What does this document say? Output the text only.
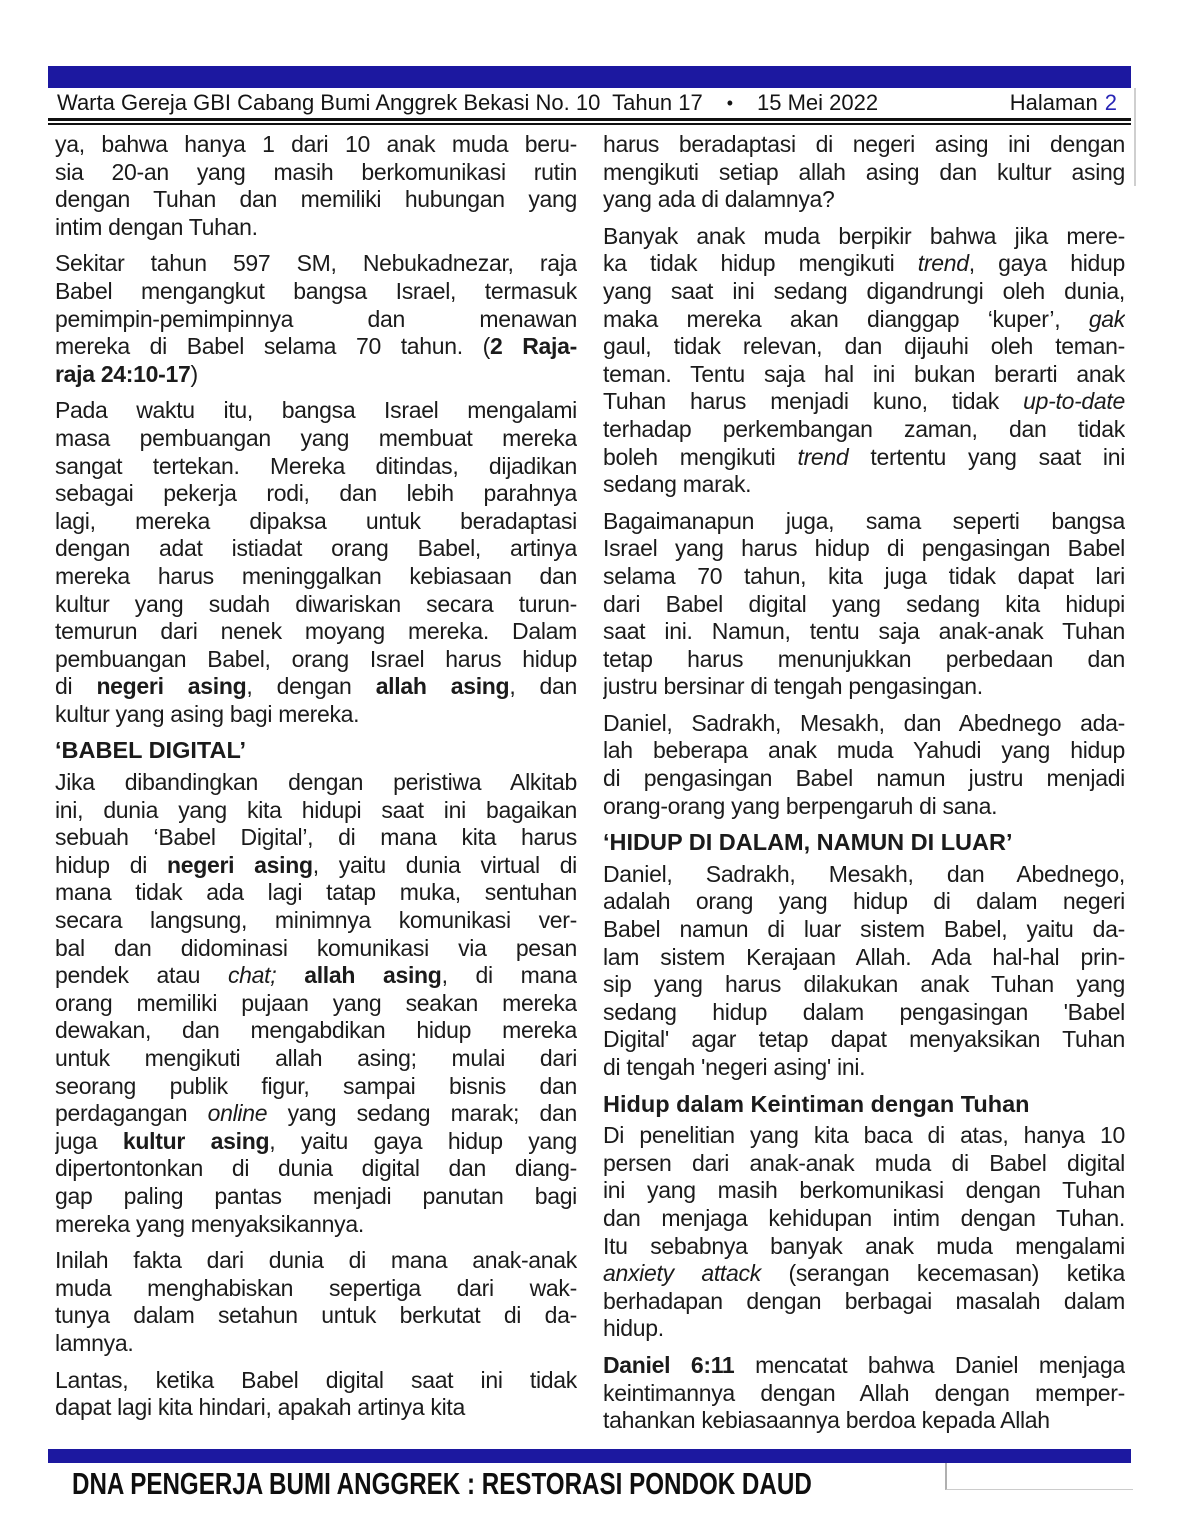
Warta Gereja GBI Cabang Bumi Anggrek Bekasi No. 10  Tahun 17 • 15 Mei 2022	Halaman 2
ya, bahwa hanya 1 dari 10 anak muda beru-
sia 20-an yang masih berkomunikasi rutin
dengan Tuhan dan memiliki hubungan yang
intim dengan Tuhan.
Sekitar tahun 597 SM, Nebukadnezar, raja
Babel mengangkut bangsa Israel, termasuk
pemimpin-pemimpinnya dan menawan
mereka di Babel selama 70 tahun. (2 Raja-
raja 24:10-17)
Pada waktu itu, bangsa Israel mengalami
masa pembuangan yang membuat mereka
sangat tertekan. Mereka ditindas, dijadikan
sebagai pekerja rodi, dan lebih parahnya
lagi, mereka dipaksa untuk beradaptasi
dengan adat istiadat orang Babel, artinya
mereka harus meninggalkan kebiasaan dan
kultur yang sudah diwariskan secara turun-
temurun dari nenek moyang mereka. Dalam
pembuangan Babel, orang Israel harus hidup
di negeri asing, dengan allah asing, dan
kultur yang asing bagi mereka.
‘BABEL DIGITAL’
Jika dibandingkan dengan peristiwa Alkitab
ini, dunia yang kita hidupi saat ini bagaikan
sebuah ‘Babel Digital’, di mana kita harus
hidup di negeri asing, yaitu dunia virtual di
mana tidak ada lagi tatap muka, sentuhan
secara langsung, minimnya komunikasi ver-
bal dan didominasi komunikasi via pesan
pendek atau chat; allah asing, di mana
orang memiliki pujaan yang seakan mereka
dewakan, dan mengabdikan hidup mereka
untuk mengikuti allah asing; mulai dari
seorang publik figur, sampai bisnis dan
perdagangan online yang sedang marak; dan
juga kultur asing, yaitu gaya hidup yang
dipertontonkan di dunia digital dan diang-
gap paling pantas menjadi panutan bagi
mereka yang menyaksikannya.
Inilah fakta dari dunia di mana anak-anak
muda menghabiskan sepertiga dari wak-
tunya dalam setahun untuk berkutat di da-
lamnya.
Lantas, ketika Babel digital saat ini tidak
dapat lagi kita hindari, apakah artinya kita
harus beradaptasi di negeri asing ini dengan
mengikuti setiap allah asing dan kultur asing
yang ada di dalamnya?
Banyak anak muda berpikir bahwa jika mere-
ka tidak hidup mengikuti trend, gaya hidup
yang saat ini sedang digandrungi oleh dunia,
maka mereka akan dianggap ‘kuper’, gak
gaul, tidak relevan, dan dijauhi oleh teman-
teman. Tentu saja hal ini bukan berarti anak
Tuhan harus menjadi kuno, tidak up-to-date
terhadap perkembangan zaman, dan tidak
boleh mengikuti trend tertentu yang saat ini
sedang marak.
Bagaimanapun juga, sama seperti bangsa
Israel yang harus hidup di pengasingan Babel
selama 70 tahun, kita juga tidak dapat lari
dari Babel digital yang sedang kita hidupi
saat ini. Namun, tentu saja anak-anak Tuhan
tetap harus menunjukkan perbedaan dan
justru bersinar di tengah pengasingan.
Daniel, Sadrakh, Mesakh, dan Abednego ada-
lah beberapa anak muda Yahudi yang hidup
di pengasingan Babel namun justru menjadi
orang-orang yang berpengaruh di sana.
‘HIDUP DI DALAM, NAMUN DI LUAR’
Daniel, Sadrakh, Mesakh, dan Abednego,
adalah orang yang hidup di dalam negeri
Babel namun di luar sistem Babel, yaitu da-
lam sistem Kerajaan Allah. Ada hal-hal prin-
sip yang harus dilakukan anak Tuhan yang
sedang hidup dalam pengasingan 'Babel
Digital' agar tetap dapat menyaksikan Tuhan
di tengah 'negeri asing' ini.
Hidup dalam Keintiman dengan Tuhan
Di penelitian yang kita baca di atas, hanya 10
persen dari anak-anak muda di Babel digital
ini yang masih berkomunikasi dengan Tuhan
dan menjaga kehidupan intim dengan Tuhan.
Itu sebabnya banyak anak muda mengalami
anxiety attack (serangan kecemasan) ketika
berhadapan dengan berbagai masalah dalam
hidup.
Daniel 6:11 mencatat bahwa Daniel menjaga
keintimannya dengan Allah dengan memper-
tahankan kebiasaannya berdoa kepada Allah
DNA PENGERJA BUMI ANGGREK : RESTORASI PONDOK DAUD
